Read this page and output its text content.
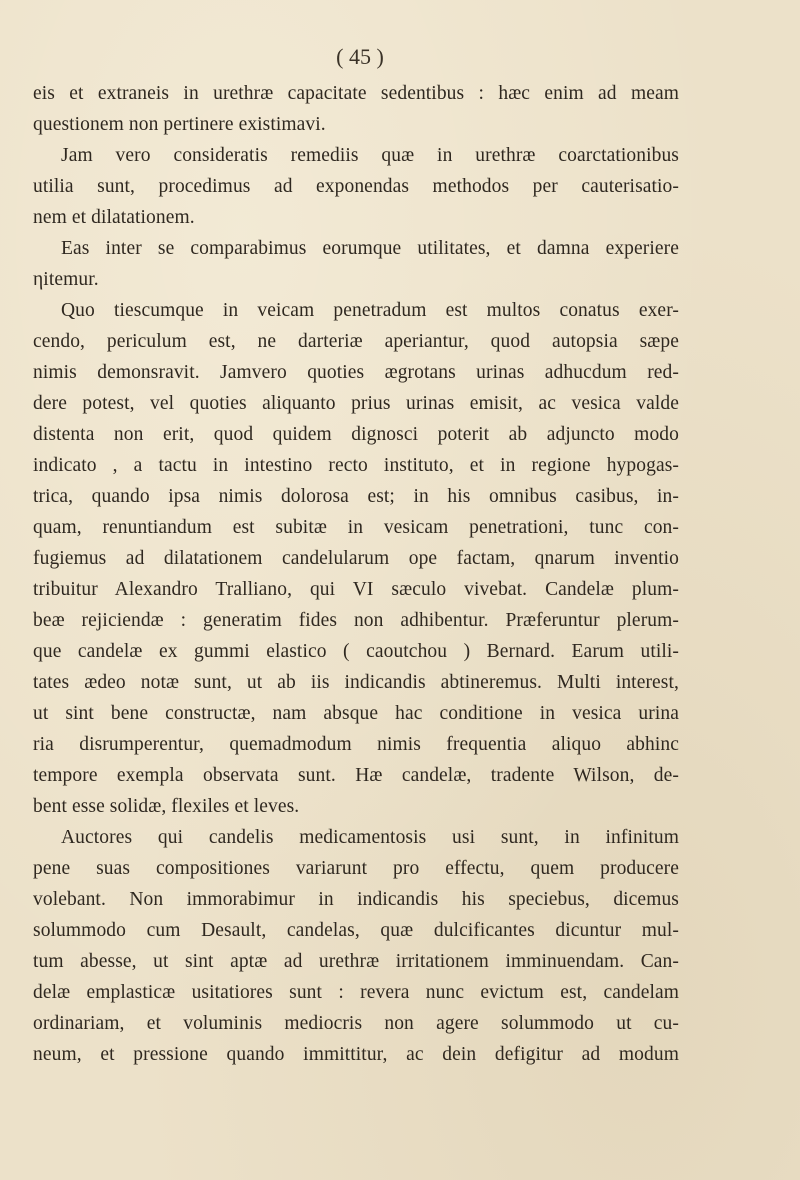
( 45 )
eis et extraneis in urethræ capacitate sedentibus : hæc enim ad meam
questionem non pertinere existimavi.
Jam vero consideratis remediis quæ in urethræ coarctationibus
utilia sunt, procedimus ad exponendas methodos per cauterisatio-
nem et dilatationem.
Eas inter se comparabimus eorumque utilitates, et damna experiere
ηitemur.
Quo tiescumque in veicam penetradum est multos conatus exer-
cendo, periculum est, ne darteriæ aperiantur, quod autopsia sæpe
nimis demonsravit. Jamvero quoties ægrotans urinas adhucdum red-
dere potest, vel quoties aliquanto prius urinas emisit, ac vesica valde
distenta non erit, quod quidem dignosci poterit ab adjuncto modo
indicato , a tactu in intestino recto instituto, et in regione hypogas-
trica, quando ipsa nimis dolorosa est; in his omnibus casibus, in-
quam, renuntiandum est subitæ in vesicam penetrationi, tunc con-
fugiemus ad dilatationem candelularum ope factam, qnarum inventio
tribuitur Alexandro Tralliano, qui VI sæculo vivebat. Candelæ plum-
beæ rejiciendæ : generatim fides non adhibentur. Præferuntur plerum-
que candelæ ex gummi elastico ( caoutchou ) Bernard. Earum utili-
tates ædeo notæ sunt, ut ab iis indicandis abtineremus. Multi interest,
ut sint bene constructæ, nam absque hac conditione in vesica urina
ria disrumperentur, quemadmodum nimis frequentia aliquo abhinc
tempore exempla observata sunt. Hæ candelæ, tradente Wilson, de-
bent esse solidæ, flexiles et leves.
Auctores qui candelis medicamentosis usi sunt, in infinitum
pene suas compositiones variarunt pro effectu, quem producere
volebant. Non immorabimur in indicandis his speciebus, dicemus
solummodo cum Desault, candelas, quæ dulcificantes dicuntur mul-
tum abesse, ut sint aptæ ad urethræ irritationem imminuendam. Can-
delæ emplasticæ usitatiores sunt : revera nunc evictum est, candelam
ordinariam, et voluminis mediocris non agere solummodo ut cu-
neum, et pressione quando immittitur, ac dein defigitur ad modum
